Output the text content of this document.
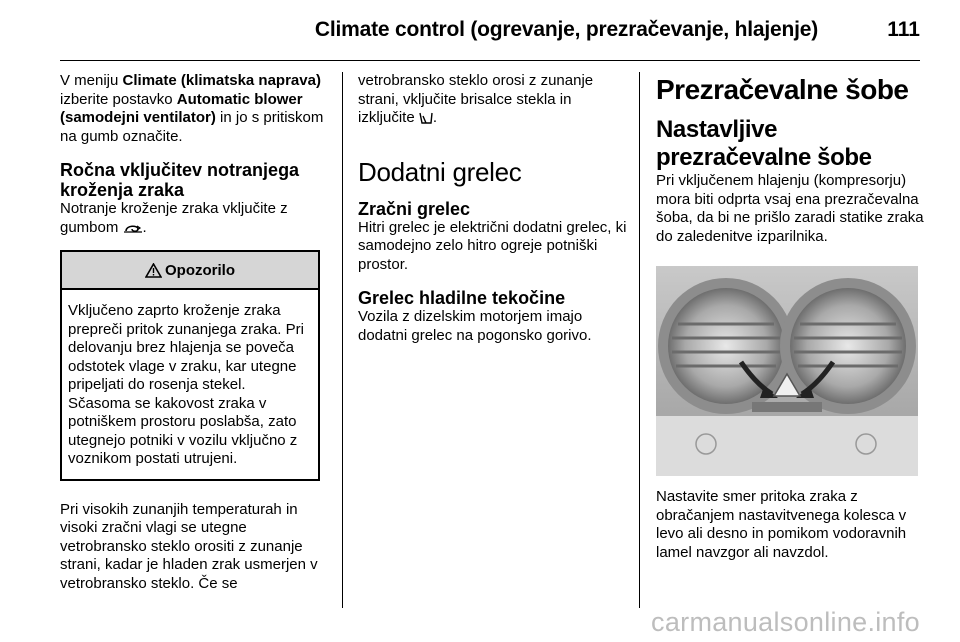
Climate control (ogrevanje, prezračevanje, hlajenje)	111

V meniju Climate (klimatska naprava) izberite postavko Automatic blower (samodejni ventilator) in jo s pritiskom na gumb označite.

Ročna vključitev notranjega kroženja zraka

Notranje kroženje zraka vključite z gumbom .

Opozorilo

Vključeno zaprto kroženje zraka prepreči pritok zunanjega zraka. Pri delovanju brez hlajenja se poveča odstotek vlage v zraku, kar utegne pripeljati do rosenja stekel. Sčasoma se kakovost zraka v potniškem prostoru poslabša, zato utegnejo potniki v vozilu vključno z voznikom postati utrujeni.

Pri visokih zunanjih temperaturah in visoki zračni vlagi se utegne vetrobransko steklo orositi z zunanje strani, kadar je hladen zrak usmerjen v vetrobransko steklo. Če se

vetrobransko steklo orosi z zunanje strani, vključite brisalce stekla in izključite .

Dodatni grelec
Zračni grelec

Hitri grelec je električni dodatni grelec, ki samodejno zelo hitro ogreje potniški prostor.

Grelec hladilne tekočine

Vozila z dizelskim motorjem imajo dodatni grelec na pogonsko gorivo.

Prezračevalne šobe
Nastavljive prezračevalne šobe

Pri vključenem hlajenju (kompresorju) mora biti odprta vsaj ena prezračevalna šoba, da bi ne prišlo zaradi statike zraka do zaledenitve izparilnika.

Nastavite smer pritoka zraka z obračanjem nastavitvenega kolesca v levo ali desno in pomikom vodoravnih lamel navzgor ali navzdol.

carmanualsonline.info
